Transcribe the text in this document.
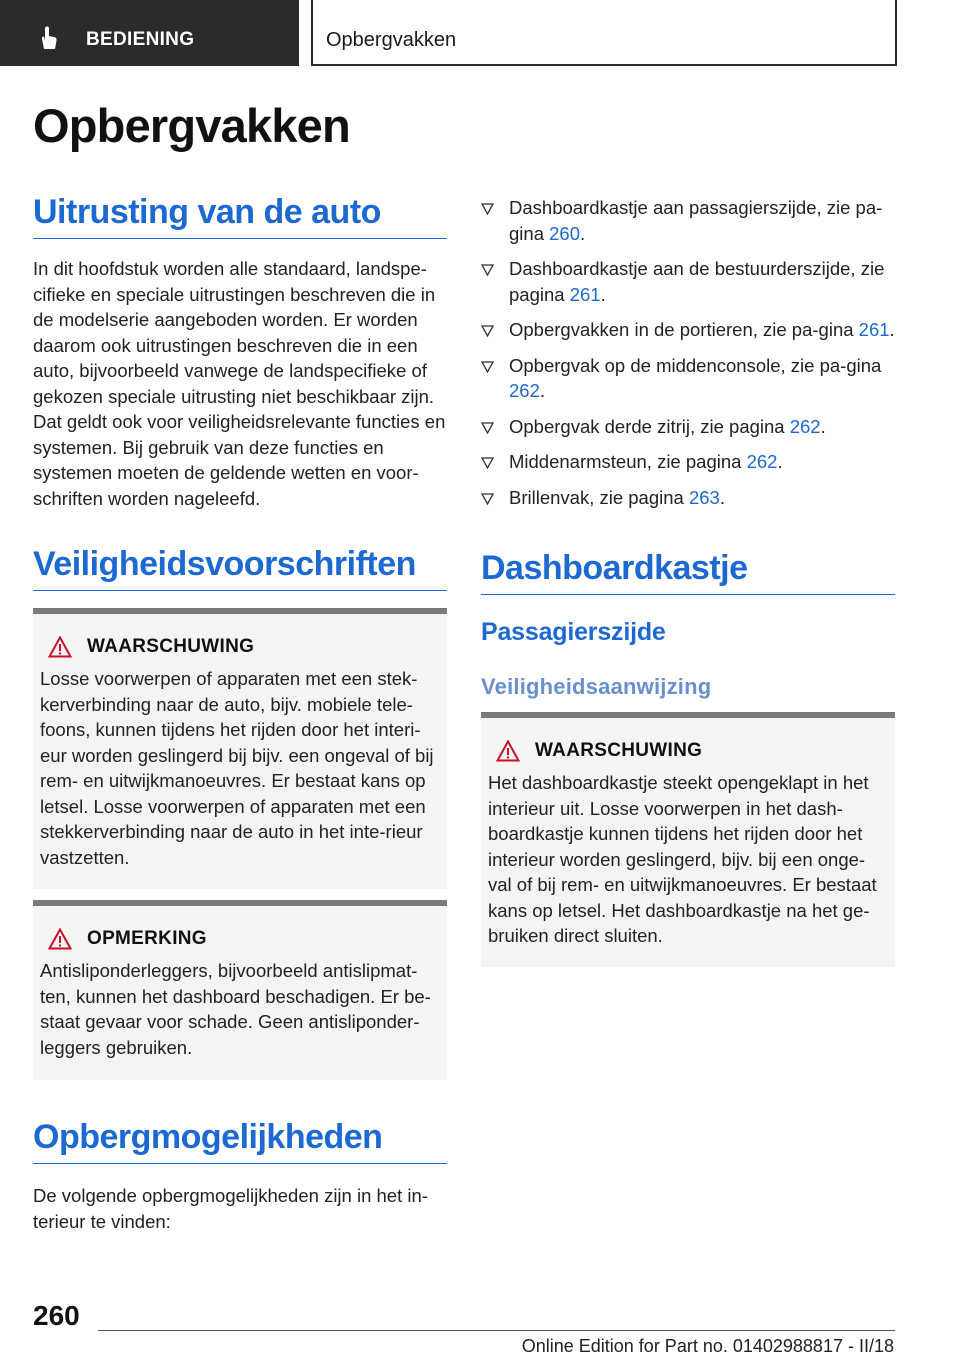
BEDIENING	Opbergvakken
Opbergvakken
Uitrusting van de auto
In dit hoofdstuk worden alle standaard, landspe-cifieke en speciale uitrustingen beschreven die in de modelserie aangeboden worden. Er worden daarom ook uitrustingen beschreven die in een auto, bijvoorbeeld vanwege de landspecifieke of gekozen speciale uitrusting niet beschikbaar zijn. Dat geldt ook voor veiligheidsrelevante functies en systemen. Bij gebruik van deze functies en systemen moeten de geldende wetten en voor-schriften worden nageleefd.
Veiligheidsvoorschriften
WAARSCHUWING
Losse voorwerpen of apparaten met een stek-kerverbinding naar de auto, bijv. mobiele tele-foons, kunnen tijdens het rijden door het interi-eur worden geslingerd bij bijv. een ongeval of bij rem- en uitwijkmanoeuvres. Er bestaat kans op letsel. Losse voorwerpen of apparaten met een stekkerverbinding naar de auto in het inte-rieur vastzetten.
OPMERKING
Antisliponderleggers, bijvoorbeeld antislipmat-ten, kunnen het dashboard beschadigen. Er be-staat gevaar voor schade. Geen antisliponder-leggers gebruiken.
Opbergmogelijkheden
De volgende opbergmogelijkheden zijn in het in-terieur te vinden:
Dashboardkastje aan passagierszijde, zie pa-gina 260.
Dashboardkastje aan de bestuurderszijde, zie pagina 261.
Opbergvakken in de portieren, zie pa-gina 261.
Opbergvak op de middenconsole, zie pa-gina 262.
Opbergvak derde zitrij, zie pagina 262.
Middenarmsteun, zie pagina 262.
Brillenvak, zie pagina 263.
Dashboardkastje
Passagierszijde
Veiligheidsaanwijzing
WAARSCHUWING
Het dashboardkastje steekt opengeklapt in het interieur uit. Losse voorwerpen in het dash-boardkastje kunnen tijdens het rijden door het interieur worden geslingerd, bijv. bij een onge-val of bij rem- en uitwijkmanoeuvres. Er bestaat kans op letsel. Het dashboardkastje na het ge-bruiken direct sluiten.
260
Online Edition for Part no. 01402988817 - II/18
